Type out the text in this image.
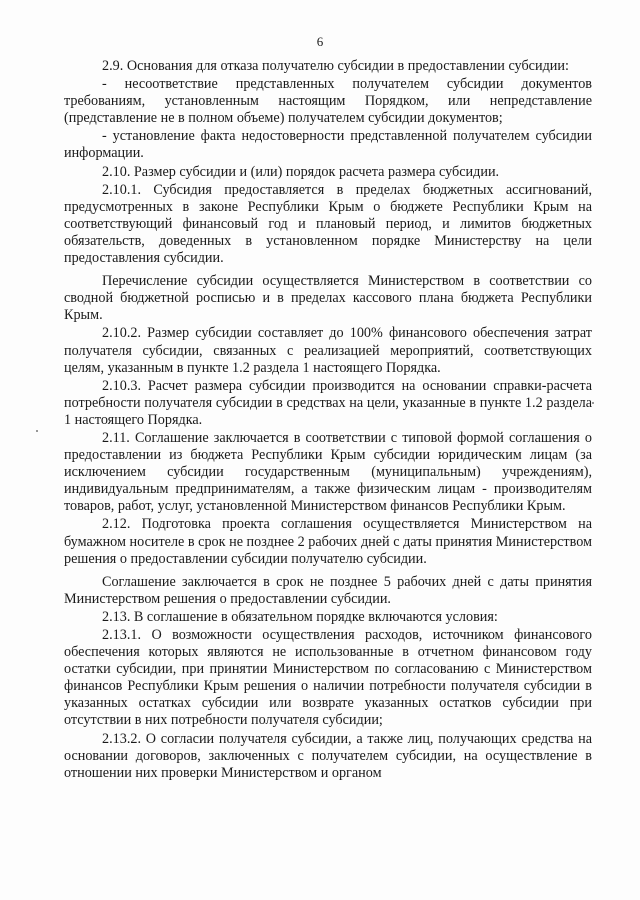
6

2.9. Основания для отказа получателю субсидии в предоставлении субсидии:

- несоответствие представленных получателем субсидии документов требованиям, установленным настоящим Порядком, или непредставление (представление не в полном объеме) получателем субсидии документов;

- установление факта недостоверности представленной получателем субсидии информации.

2.10. Размер субсидии и (или) порядок расчета размера субсидии.

2.10.1. Субсидия предоставляется в пределах бюджетных ассигнований, предусмотренных в законе Республики Крым о бюджете Республики Крым на соответствующий финансовый год и плановый период, и лимитов бюджетных обязательств, доведенных в установленном порядке Министерству на цели предоставления субсидии.

Перечисление субсидии осуществляется Министерством в соответствии со сводной бюджетной росписью и в пределах кассового плана бюджета Республики Крым.

2.10.2. Размер субсидии составляет до 100% финансового обеспечения затрат получателя субсидии, связанных с реализацией мероприятий, соответствующих целям, указанным в пункте 1.2 раздела 1 настоящего Порядка.

2.10.3. Расчет размера субсидии производится на основании справки-расчета потребности получателя субсидии в средствах на цели, указанные в пункте 1.2 раздела 1 настоящего Порядка.

2.11. Соглашение заключается в соответствии с типовой формой соглашения о предоставлении из бюджета Республики Крым субсидии юридическим лицам (за исключением субсидии государственным (муниципальным) учреждениям), индивидуальным предпринимателям, а также физическим лицам - производителям товаров, работ, услуг, установленной Министерством финансов Республики Крым.

2.12. Подготовка проекта соглашения осуществляется Министерством на бумажном носителе в срок не позднее 2 рабочих дней с даты принятия Министерством решения о предоставлении субсидии получателю субсидии.

Соглашение заключается в срок не позднее 5 рабочих дней с даты принятия Министерством решения о предоставлении субсидии.

2.13. В соглашение в обязательном порядке включаются условия:

2.13.1. О возможности осуществления расходов, источником финансового обеспечения которых являются не использованные в отчетном финансовом году остатки субсидии, при принятии Министерством по согласованию с Министерством финансов Республики Крым решения о наличии потребности получателя субсидии в указанных остатках субсидии или возврате указанных остатков субсидии при отсутствии в них потребности получателя субсидии;

2.13.2. О согласии получателя субсидии, а также лиц, получающих средства на основании договоров, заключенных с получателем субсидии, на осуществление в отношении них проверки Министерством и органом
